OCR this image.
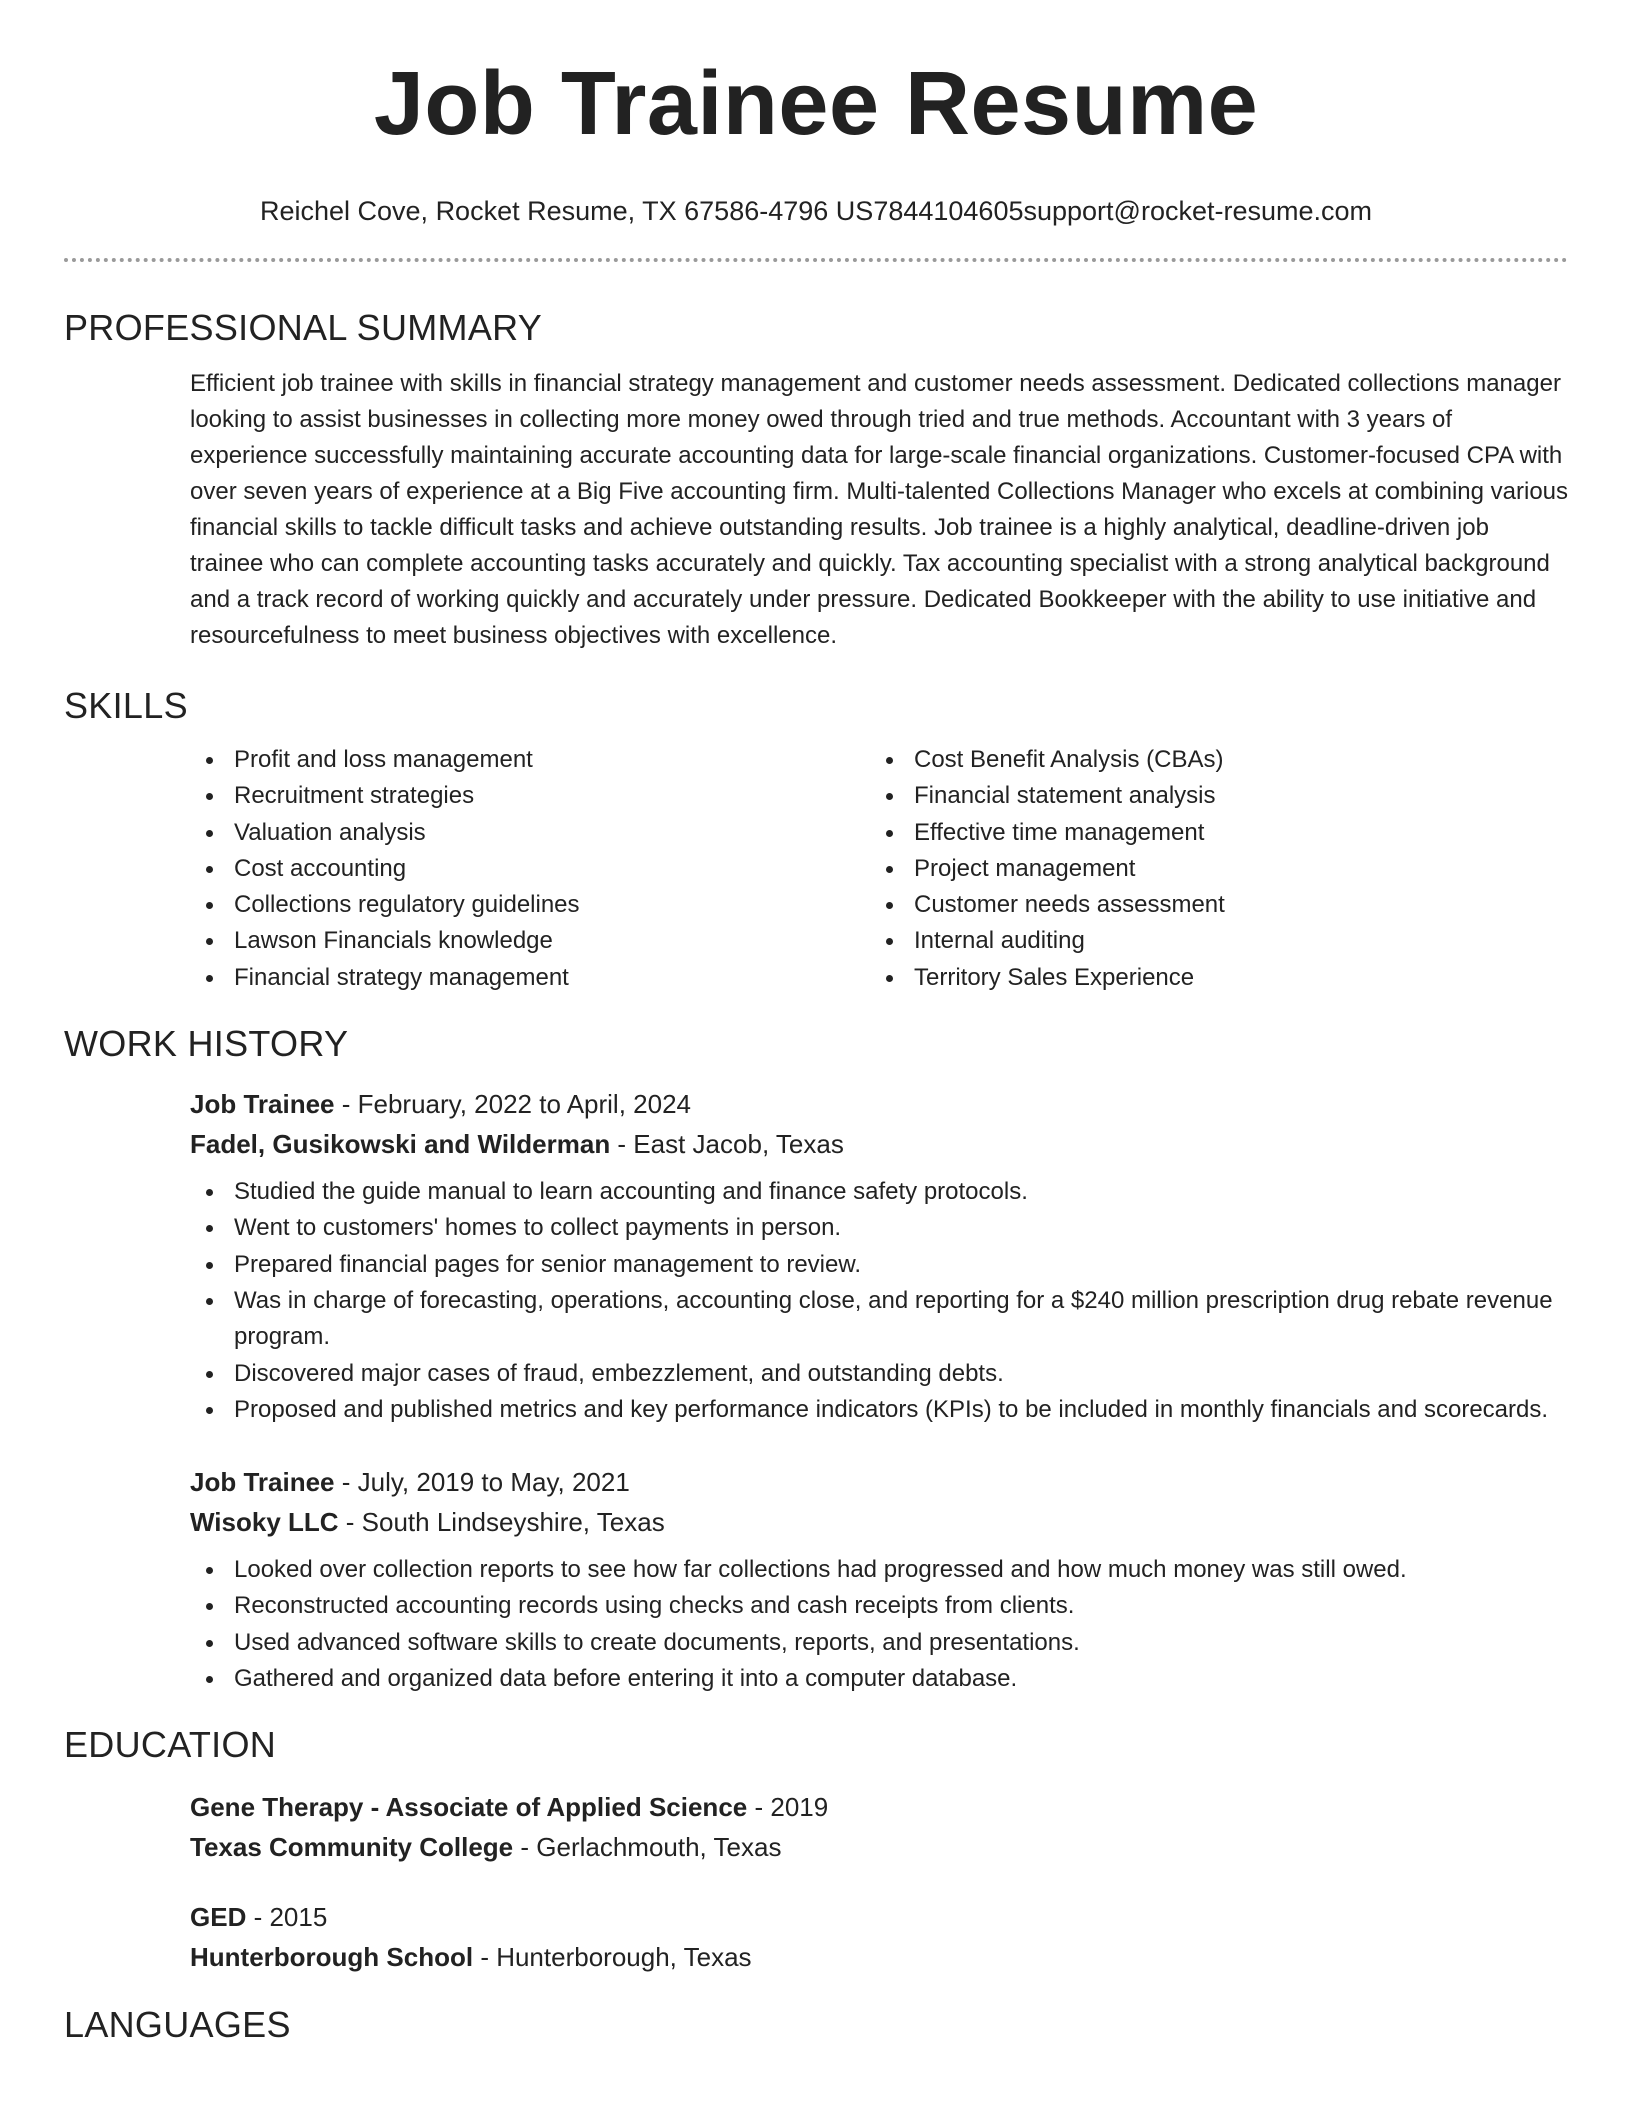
Job Trainee Resume
Reichel Cove, Rocket Resume, TX 67586-4796 US7844104605support@rocket-resume.com
PROFESSIONAL SUMMARY

Efficient job trainee with skills in financial strategy management and customer needs assessment. Dedicated collections manager looking to assist businesses in collecting more money owed through tried and true methods. Accountant with 3 years of experience successfully maintaining accurate accounting data for large-scale financial organizations. Customer-focused CPA with over seven years of experience at a Big Five accounting firm. Multi-talented Collections Manager who excels at combining various financial skills to tackle difficult tasks and achieve outstanding results. Job trainee is a highly analytical, deadline-driven job trainee who can complete accounting tasks accurately and quickly. Tax accounting specialist with a strong analytical background and a track record of working quickly and accurately under pressure. Dedicated Bookkeeper with the ability to use initiative and resourcefulness to meet business objectives with excellence.

SKILLS
Profit and loss management
Recruitment strategies
Valuation analysis
Cost accounting
Collections regulatory guidelines
Lawson Financials knowledge
Financial strategy management
Cost Benefit Analysis (CBAs)
Financial statement analysis
Effective time management
Project management
Customer needs assessment
Internal auditing
Territory Sales Experience
WORK HISTORY
Job Trainee - February, 2022 to April, 2024
Fadel, Gusikowski and Wilderman - East Jacob, Texas
Studied the guide manual to learn accounting and finance safety protocols.
Went to customers' homes to collect payments in person.
Prepared financial pages for senior management to review.
Was in charge of forecasting, operations, accounting close, and reporting for a $240 million prescription drug rebate revenue program.
Discovered major cases of fraud, embezzlement, and outstanding debts.
Proposed and published metrics and key performance indicators (KPIs) to be included in monthly financials and scorecards.
Job Trainee - July, 2019 to May, 2021
Wisoky LLC - South Lindseyshire, Texas
Looked over collection reports to see how far collections had progressed and how much money was still owed.
Reconstructed accounting records using checks and cash receipts from clients.
Used advanced software skills to create documents, reports, and presentations.
Gathered and organized data before entering it into a computer database.
EDUCATION
Gene Therapy - Associate of Applied Science - 2019
Texas Community College - Gerlachmouth, Texas
GED - 2015
Hunterborough School - Hunterborough, Texas
LANGUAGES
